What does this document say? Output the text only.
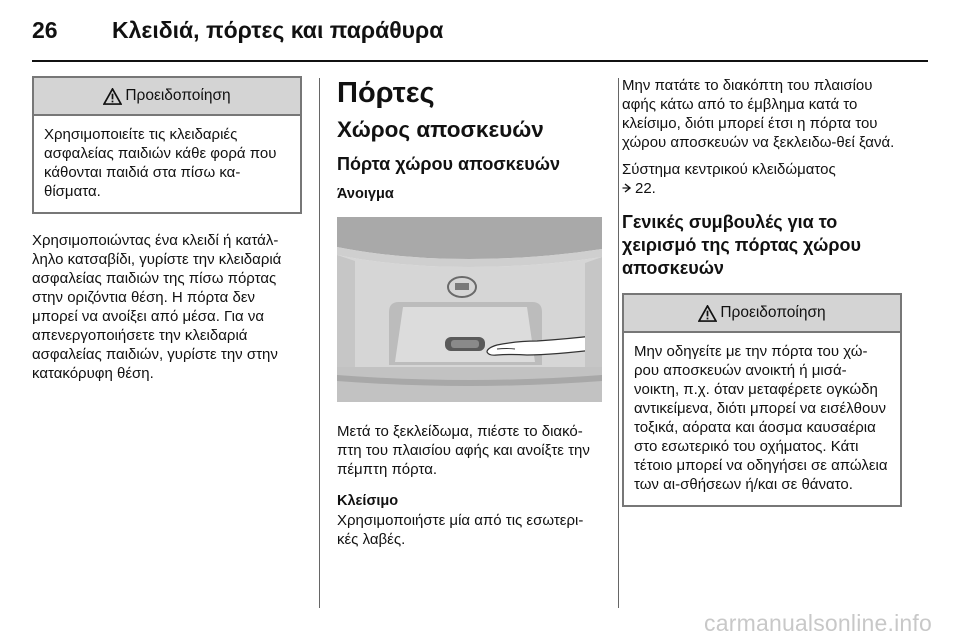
26	Κλειδιά, πόρτες και παράθυρα
Προειδοποίηση
Χρησιμοποιείτε τις κλειδαριές ασφαλείας παιδιών κάθε φορά που κάθονται παιδιά στα πίσω κα-θίσματα.

Χρησιμοποιώντας ένα κλειδί ή κατάλ-ληλο κατσαβίδι, γυρίστε την κλειδαριά ασφαλείας παιδιών της πίσω πόρτας στην οριζόντια θέση. Η πόρτα δεν μπορεί να ανοίξει από μέσα. Για να απενεργοποιήσετε την κλειδαριά ασφαλείας παιδιών, γυρίστε την στην κατακόρυφη θέση.

Πόρτες
Χώρος αποσκευών
Πόρτα χώρου αποσκευών
Άνοιγμα

Μετά το ξεκλείδωμα, πιέστε το διακό-πτη του πλαισίου αφής και ανοίξτε την πέμπτη πόρτα.

Κλείσιμο

Χρησιμοποιήστε μία από τις εσωτερι-κές λαβές.

Μην πατάτε το διακόπτη του πλαισίου αφής κάτω από το έμβλημα κατά το κλείσιμο, διότι μπορεί έτσι η πόρτα του χώρου αποσκευών να ξεκλειδω-θεί ξανά.

Σύστημα κεντρικού κλειδώματος
22.

Γενικές συμβουλές για το χειρισμό της πόρτας χώρου αποσκευών
Προειδοποίηση
Μην οδηγείτε με την πόρτα του χώ-ρου αποσκευών ανοικτή ή μισά-νοικτη, π.χ. όταν μεταφέρετε ογκώδη αντικείμενα, διότι μπορεί να εισέλθουν τοξικά, αόρατα και άοσμα καυσαέρια στο εσωτερικό του οχήματος. Κάτι τέτοιο μπορεί να οδηγήσει σε απώλεια των αι-σθήσεων ή/και σε θάνατο.
carmanualsonline.info
